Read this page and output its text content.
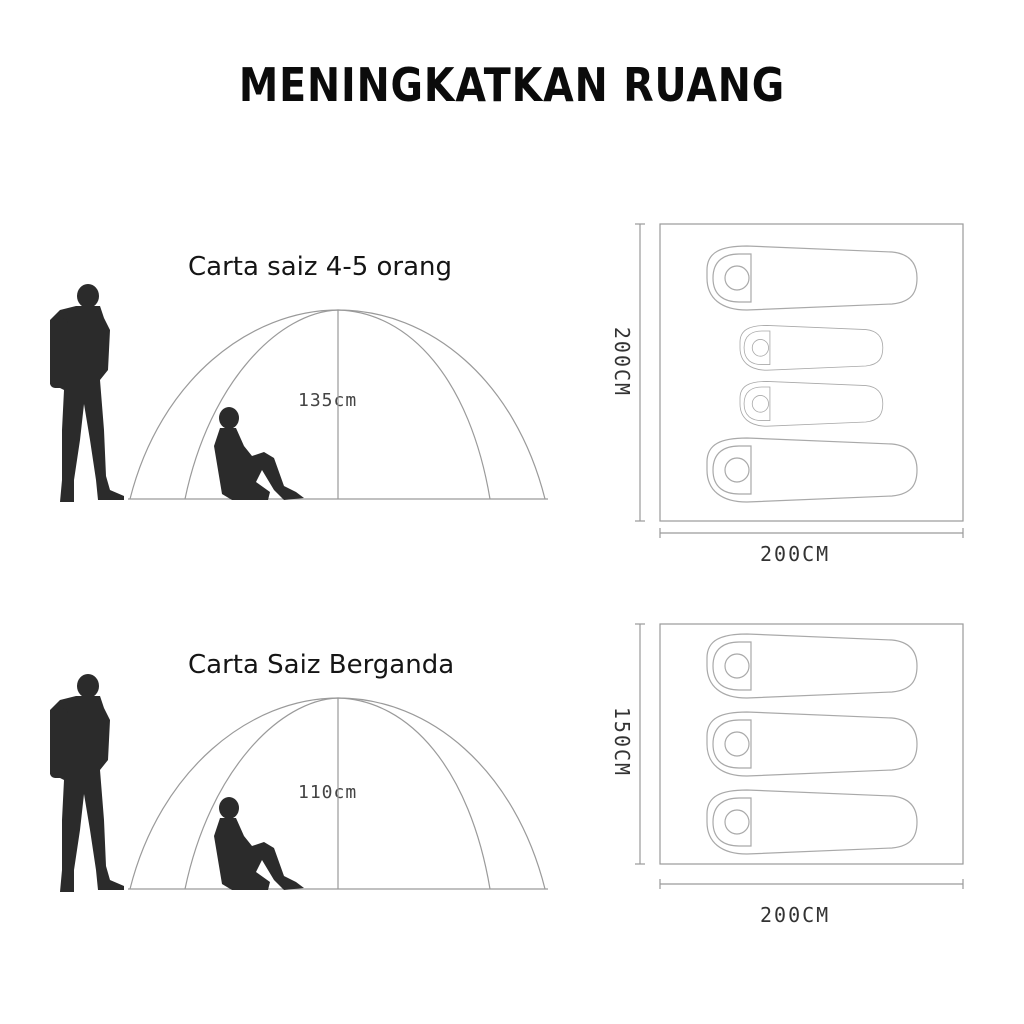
MENINGKATKAN RUANG
Carta saiz 4-5 orang
135cm
200CM
200CM
Carta Saiz Berganda
110cm
150CM
200CM
